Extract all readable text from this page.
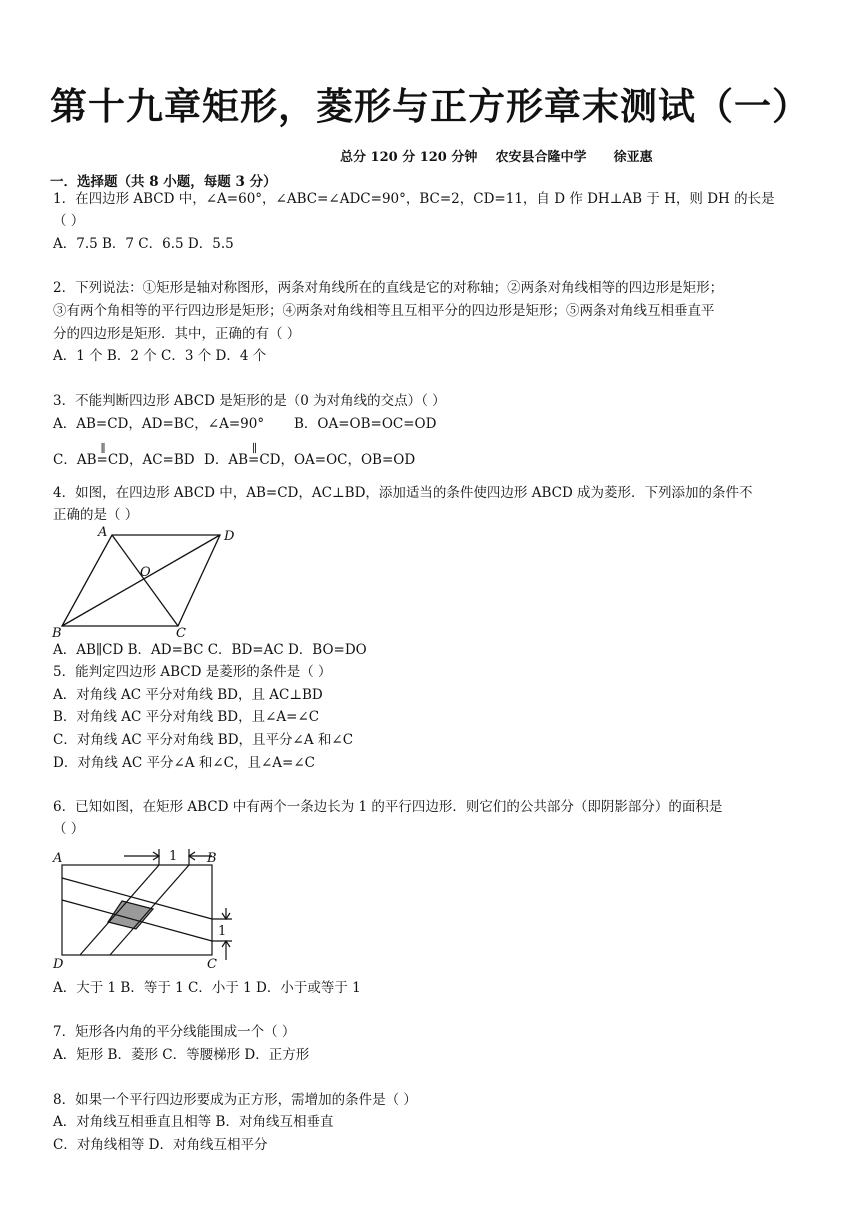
第十九章矩形，菱形与正方形章末测试（一）
总分 120 分 120 分钟    农安县合隆中学      徐亚惠
一．选择题（共 8 小题，每题 3 分）
1．在四边形 ABCD 中，∠A=60°，∠ABC=∠ADC=90°，BC=2，CD=11，自 D 作 DH⊥AB 于 H，则 DH 的长是
（ ）
A．7.5 B．7 C．6.5 D．5.5
2．下列说法：①矩形是轴对称图形，两条对角线所在的直线是它的对称轴；②两条对角线相等的四边形是矩形；
③有两个角相等的平行四边形是矩形；④两条对角线相等且互相平分的四边形是矩形；⑤两条对角线互相垂直平
分的四边形是矩形．其中，正确的有（ ）
A．1 个 B．2 个 C．3 个 D．4 个
3．不能判断四边形 ABCD 是矩形的是（0 为对角线的交点）（ ）
A．AB=CD，AD=BC，∠A=90° B．OA=OB=OC=OD
C．AB
∥
=CD，AC=BD D．AB
∥
=CD，OA=OC，OB=OD
4．如图，在四边形 ABCD 中，AB=CD，AC⊥BD，添加适当的条件使四边形 ABCD 成为菱形．下列添加的条件不
正确的是（ ）
A	D
O
B	C
A．AB∥CD B．AD=BC C．BD=AC D．BO=DO
5．能判定四边形 ABCD 是菱形的条件是（ ）
A．对角线 AC 平分对角线 BD，且 AC⊥BD
B．对角线 AC 平分对角线 BD，且∠A=∠C
C．对角线 AC 平分对角线 BD，且平分∠A 和∠C
D．对角线 AC 平分∠A 和∠C，且∠A=∠C
6．已知如图，在矩形 ABCD 中有两个一条边长为 1 的平行四边形．则它们的公共部分（即阴影部分）的面积是
（ ）
A	B
D	C
1
1
A．大于 1 B．等于 1 C．小于 1 D．小于或等于 1
7．矩形各内角的平分线能围成一个（ ）
A．矩形 B．菱形 C．等腰梯形 D．正方形
8．如果一个平行四边形要成为正方形，需增加的条件是（ ）
A．对角线互相垂直且相等 B．对角线互相垂直
C．对角线相等 D．对角线互相平分
